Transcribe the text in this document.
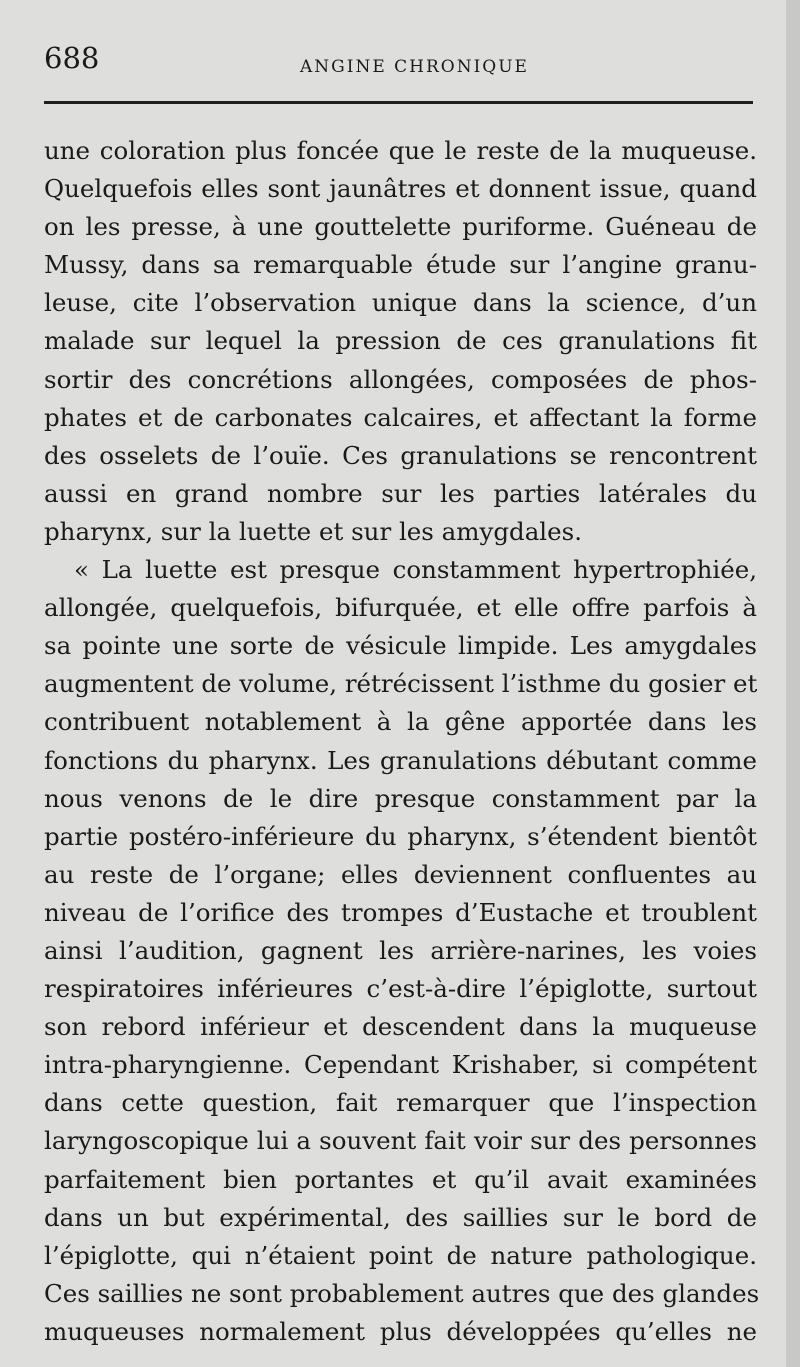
688	ANGINE CHRONIQUE
une coloration plus foncée que le reste de la muqueuse.
Quelquefois elles sont jaunâtres et donnent issue, quand
on les presse, à une gouttelette puriforme. Guéneau de
Mussy, dans sa remarquable étude sur l’angine granu-
leuse, cite l’observation unique dans la science, d’un
malade sur lequel la pression de ces granulations fit
sortir des concrétions allongées, composées de phos-
phates et de carbonates calcaires, et affectant la forme
des osselets de l’ouïe. Ces granulations se rencontrent
aussi en grand nombre sur les parties latérales du
pharynx, sur la luette et sur les amygdales.
« La luette est presque constamment hypertrophiée,
allongée, quelquefois, bifurquée, et elle offre parfois à
sa pointe une sorte de vésicule limpide. Les amygdales
augmentent de volume, rétrécissent l’isthme du gosier et
contribuent notablement à la gêne apportée dans les
fonctions du pharynx. Les granulations débutant comme
nous venons de le dire presque constamment par la
partie postéro-inférieure du pharynx, s’étendent bientôt
au reste de l’organe; elles deviennent confluentes au
niveau de l’orifice des trompes d’Eustache et troublent
ainsi l’audition, gagnent les arrière-narines, les voies
respiratoires inférieures c’est-à-dire l’épiglotte, surtout
son rebord inférieur et descendent dans la muqueuse
intra-pharyngienne. Cependant Krishaber, si compétent
dans cette question, fait remarquer que l’inspection
laryngoscopique lui a souvent fait voir sur des personnes
parfaitement bien portantes et qu’il avait examinées
dans un but expérimental, des saillies sur le bord de
l’épiglotte, qui n’étaient point de nature pathologique.
Ces saillies ne sont probablement autres que des glandes
muqueuses normalement plus développées qu’elles ne
